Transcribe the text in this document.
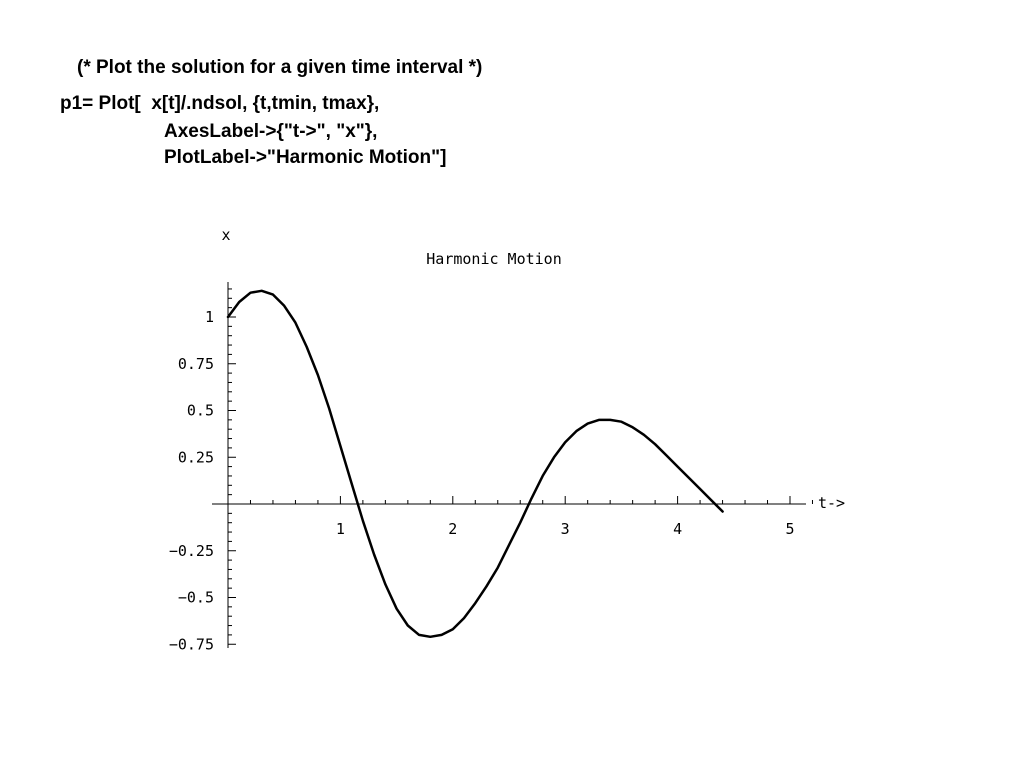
(* Plot the solution for a given time interval *)
p1= Plot[  x[t]/.ndsol, {t,tmin, tmax},
AxesLabel->{"t->", "x"},
PlotLabel->"Harmonic Motion"]
Harmonic Motion
x
t->
1	2	3	4	5
1
0.75
0.5
0.25
−0.25
−0.5
−0.75
